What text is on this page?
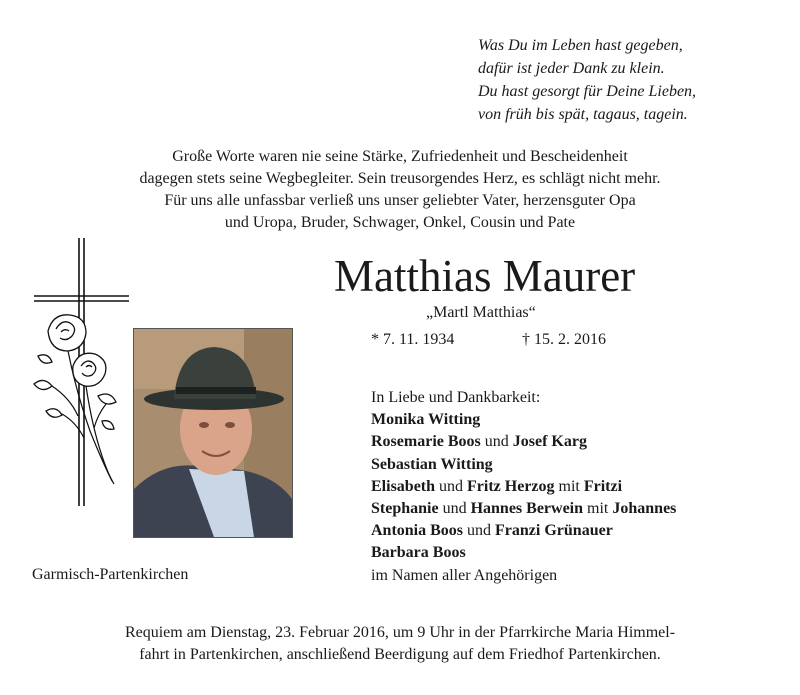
Was Du im Leben hast gegeben,
dafür ist jeder Dank zu klein.
Du hast gesorgt für Deine Lieben,
von früh bis spät, tagaus, tagein.
Große Worte waren nie seine Stärke, Zufriedenheit und Bescheidenheit
dagegen stets seine Wegbegleiter. Sein treusorgendes Herz, es schlägt nicht mehr.
Für uns alle unfassbar verließ uns unser geliebter Vater, herzensguter Opa
und Uropa, Bruder, Schwager, Onkel, Cousin und Pate
Matthias Maurer
„Martl Matthias“
* 7. 11. 1934	† 15. 2. 2016
In Liebe und Dankbarkeit:
Monika Witting
Rosemarie Boos und Josef Karg
Sebastian Witting
Elisabeth und Fritz Herzog mit Fritzi
Stephanie und Hannes Berwein mit Johannes
Antonia Boos und Franzi Grünauer
Barbara Boos
im Namen aller Angehörigen
Garmisch-Partenkirchen
Requiem am Dienstag, 23. Februar 2016, um 9 Uhr in der Pfarrkirche Maria Himmel-
fahrt in Partenkirchen, anschließend Beerdigung auf dem Friedhof Partenkirchen.
